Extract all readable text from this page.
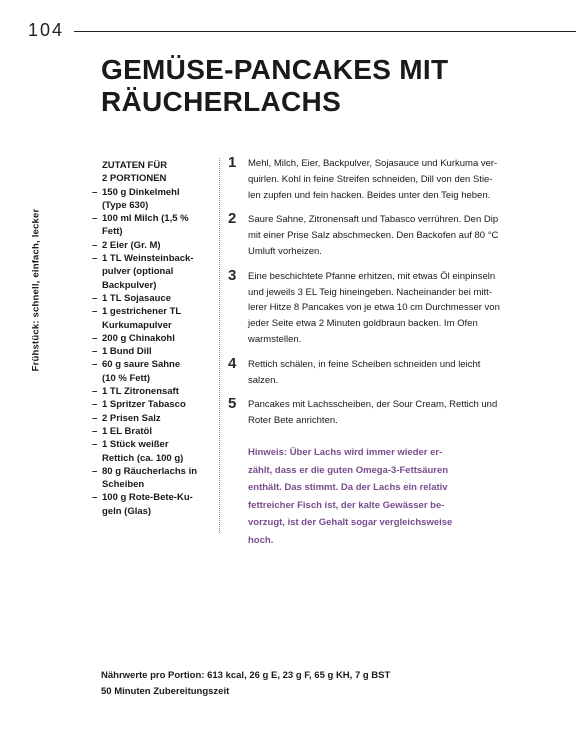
104
GEMÜSE-PANCAKES MIT
RÄUCHERLACHS
Frühstück: schnell, einfach, lecker
ZUTATEN FÜR
2 PORTIONEN
– 150 g Dinkelmehl
(Type 630)
– 100 ml Milch (1,5 %
Fett)
– 2 Eier (Gr. M)
– 1 TL Weinsteinback-
pulver (optional
Backpulver)
– 1 TL Sojasauce
– 1 gestrichener TL
Kurkumapulver
– 200 g Chinakohl
– 1 Bund Dill
– 60 g saure Sahne
(10 % Fett)
– 1 TL Zitronensaft
– 1 Spritzer Tabasco
– 2 Prisen Salz
– 1 EL Bratöl
– 1 Stück weißer
Rettich (ca. 100 g)
– 80 g Räucherlachs in
Scheiben
– 100 g Rote-Bete-Ku-
geln (Glas)
1 Mehl, Milch, Eier, Backpulver, Sojasauce und Kurkuma ver-
quirlen. Kohl in feine Streifen schneiden, Dill von den Stie-
len zupfen und fein hacken. Beides unter den Teig heben.
2 Saure Sahne, Zitronensaft und Tabasco verrühren. Den Dip
mit einer Prise Salz abschmecken. Den Backofen auf 80 °C
Umluft vorheizen.
3 Eine beschichtete Pfanne erhitzen, mit etwas Öl einpinseln
und jeweils 3 EL Teig hineingeben. Nacheinander bei mitt-
lerer Hitze 8 Pancakes von je etwa 10 cm Durchmesser von
jeder Seite etwa 2 Minuten goldbraun backen. Im Ofen
warmstellen.
4 Rettich schälen, in feine Scheiben schneiden und leicht
salzen.
5 Pancakes mit Lachsscheiben, der Sour Cream, Rettich und
Roter Bete anrichten.
Hinweis: Über Lachs wird immer wieder er-
zählt, dass er die guten Omega-3-Fettsäuren
enthält. Das stimmt. Da der Lachs ein relativ
fettreicher Fisch ist, der kalte Gewässer be-
vorzugt, ist der Gehalt sogar vergleichsweise
hoch.
Nährwerte pro Portion: 613 kcal, 26 g E, 23 g F, 65 g KH, 7 g BST
50 Minuten Zubereitungszeit
